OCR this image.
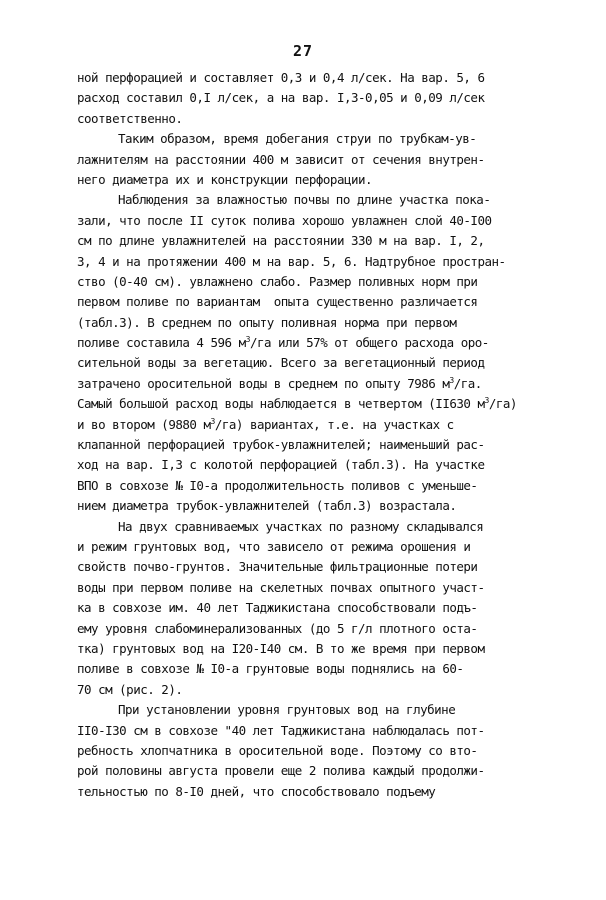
27
ной перфорацией и составляет 0,3 и 0,4 л/сек. На вар. 5, 6
расход составил 0,I л/сек, а на вар. I,3-0,05 и 0,09 л/сек
соответственно.
Таким образом, время добегания струи по трубкам-ув-
лажнителям на расстоянии 400 м зависит от сечения внутрен-
него диаметра их и конструкции перфорации.
Наблюдения за влажностью почвы по длине участка пока-
зали, что после II суток полива хорошо увлажнен слой 40-I00
см по длине увлажнителей на расстоянии 330 м на вар. I, 2,
3, 4 и на протяжении 400 м на вар. 5, 6. Надтрубное простран-
ство (0-40 см). увлажнено слабо. Размер поливных норм при
первом поливе по вариантам  опыта существенно различается
(табл.3). В среднем по опыту поливная норма при первом
поливе составила 4 596 $м^3/га$ или 57% от общего расхода оро-
сительной воды за вегетацию. Всего за вегетационный период
затрачено оросительной воды в среднем по опыту 7986 $м^3/га$.
Самый большой расход воды наблюдается в четвертом (II630 $м^3/га$)
и во втором (9880 $м^3/га$) вариантах, т.е. на участках с
клапанной перфорацией трубок-увлажнителей; наименьший рас-
ход на вар. I,3 с колотой перфорацией (табл.3). На участке
ВПО в совхозе № I0-а продолжительность поливов с уменьше-
нием диаметра трубок-увлажнителей (табл.3) возрастала.
На двух сравниваемых участках по разному складывался
и режим грунтовых вод, что зависело от режима орошения и
свойств почво-грунтов. Значительные фильтрационные потери
воды при первом поливе на скелетных почвах опытного участ-
ка в совхозе им. 40 лет Таджикистана способствовали подъ-
ему уровня слабоминерализованных (до 5 г/л плотного оста-
тка) грунтовых вод на I20-I40 см. В то же время при первом
поливе в совхозе № I0-а грунтовые воды поднялись на 60-
70 см (рис. 2).
При установлении уровня грунтовых вод на глубине
II0-I30 см в совхозе "40 лет Таджикистана наблюдалась пот-
ребность хлопчатника в оросительной воде. Поэтому со вто-
рой половины августа провели еще 2 полива каждый продолжи-
тельностью по 8-I0 дней, что способствовало подъему
